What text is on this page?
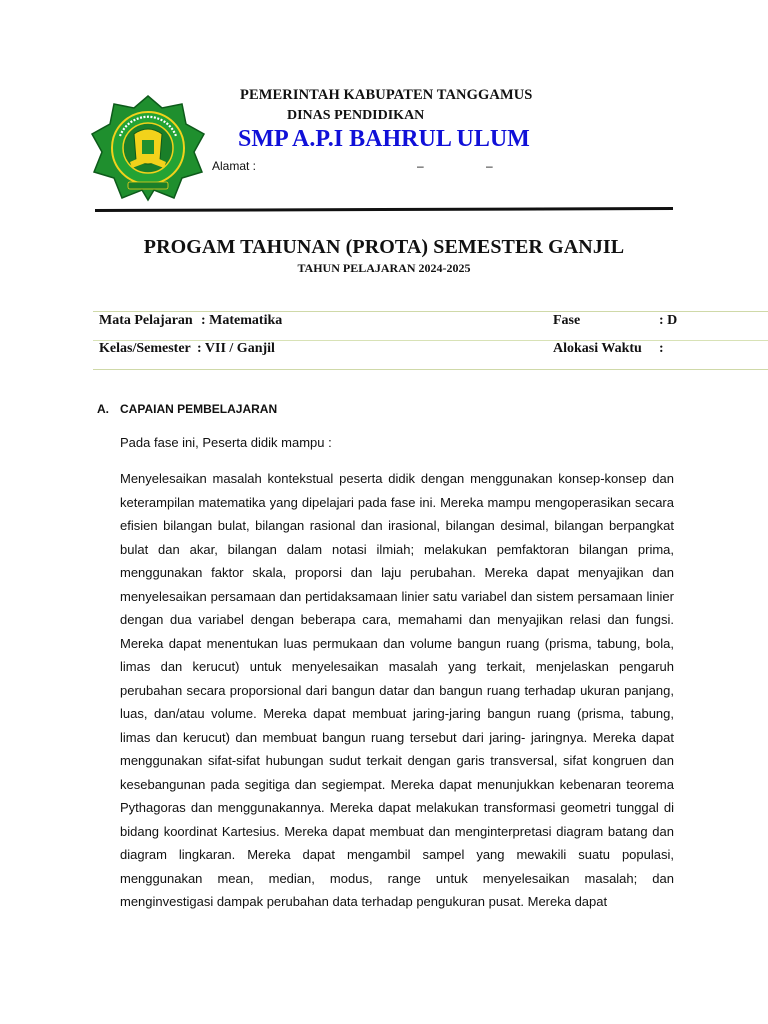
PEMERINTAH KABUPATEN TANGGAMUS
DINAS PENDIDIKAN
SMP A.P.I BAHRUL ULUM
Alamat :	–	–
PROGAM TAHUNAN (PROTA) SEMESTER GANJIL
TAHUN PELAJARAN 2024-2025
Mata Pelajaran : Matematika	Fase	: D
Kelas/Semester : VII / Ganjil	Alokasi Waktu :
A. CAPAIAN PEMBELAJARAN
Pada fase ini, Peserta didik mampu :
Menyelesaikan masalah kontekstual peserta didik dengan menggunakan konsep-konsep dan keterampilan matematika yang dipelajari pada fase ini. Mereka mampu mengoperasikan secara efisien bilangan bulat, bilangan rasional dan irasional, bilangan desimal, bilangan berpangkat bulat dan akar, bilangan dalam notasi ilmiah; melakukan pemfaktoran bilangan prima, menggunakan faktor skala, proporsi dan laju perubahan. Mereka dapat menyajikan dan menyelesaikan persamaan dan pertidaksamaan linier satu variabel dan sistem persamaan linier dengan dua variabel dengan beberapa cara, memahami dan menyajikan relasi dan fungsi. Mereka dapat menentukan luas permukaan dan volume bangun ruang (prisma, tabung, bola, limas dan kerucut) untuk menyelesaikan masalah yang terkait, menjelaskan pengaruh perubahan secara proporsional dari bangun datar dan bangun ruang terhadap ukuran panjang, luas, dan/atau volume. Mereka dapat membuat jaring-jaring bangun ruang (prisma, tabung, limas dan kerucut) dan membuat bangun ruang tersebut dari jaring- jaringnya. Mereka dapat menggunakan sifat-sifat hubungan sudut terkait dengan garis transversal, sifat kongruen dan kesebangunan pada segitiga dan segiempat. Mereka dapat menunjukkan kebenaran teorema Pythagoras dan menggunakannya. Mereka dapat melakukan transformasi geometri tunggal di bidang koordinat Kartesius. Mereka dapat membuat dan menginterpretasi diagram batang dan diagram lingkaran. Mereka dapat mengambil sampel yang mewakili suatu populasi, menggunakan mean, median, modus, range untuk menyelesaikan masalah; dan menginvestigasi dampak perubahan data terhadap pengukuran pusat. Mereka dapat
